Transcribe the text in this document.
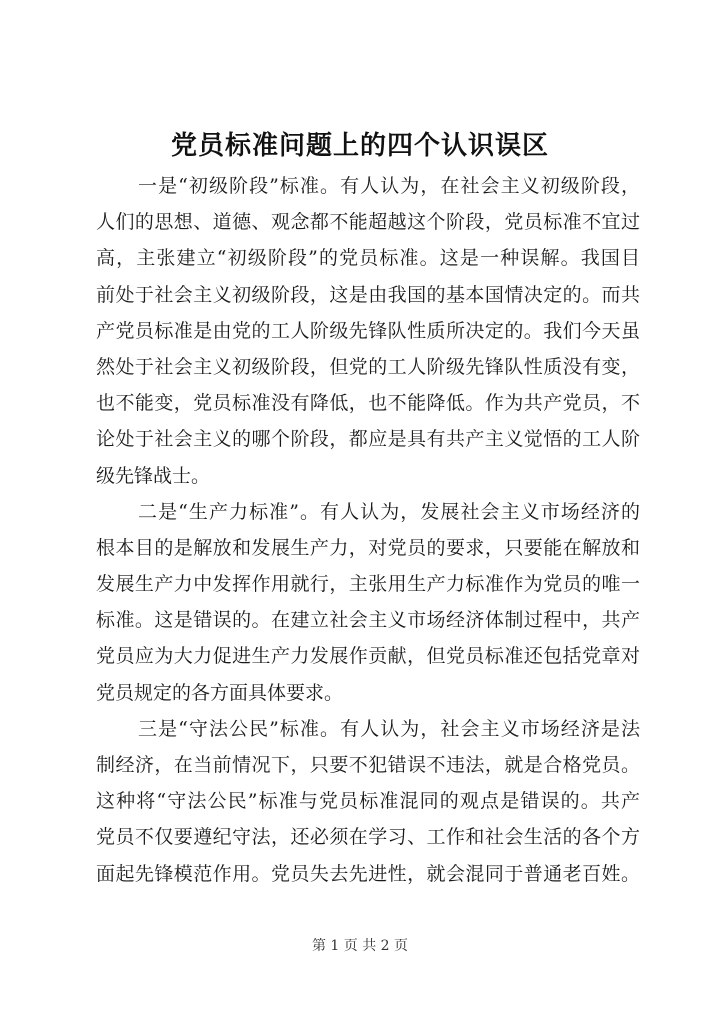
党员标准问题上的四个认识误区
一是“初级阶段”标准。有人认为，在社会主义初级阶段，
人们的思想、道德、观念都不能超越这个阶段，党员标准不宜过
高，主张建立“初级阶段”的党员标准。这是一种误解。我国目
前处于社会主义初级阶段，这是由我国的基本国情决定的。而共
产党员标准是由党的工人阶级先锋队性质所决定的。我们今天虽
然处于社会主义初级阶段，但党的工人阶级先锋队性质没有变，
也不能变，党员标准没有降低，也不能降低。作为共产党员，不
论处于社会主义的哪个阶段，都应是具有共产主义觉悟的工人阶
级先锋战士。
二是“生产力标准”。有人认为，发展社会主义市场经济的
根本目的是解放和发展生产力，对党员的要求，只要能在解放和
发展生产力中发挥作用就行，主张用生产力标准作为党员的唯一
标准。这是错误的。在建立社会主义市场经济体制过程中，共产
党员应为大力促进生产力发展作贡献，但党员标准还包括党章对
党员规定的各方面具体要求。
三是“守法公民”标准。有人认为，社会主义市场经济是法
制经济，在当前情况下，只要不犯错误不违法，就是合格党员。
这种将“守法公民”标准与党员标准混同的观点是错误的。共产
党员不仅要遵纪守法，还必须在学习、工作和社会生活的各个方
面起先锋模范作用。党员失去先进性，就会混同于普通老百姓。
第 1 页 共 2 页
